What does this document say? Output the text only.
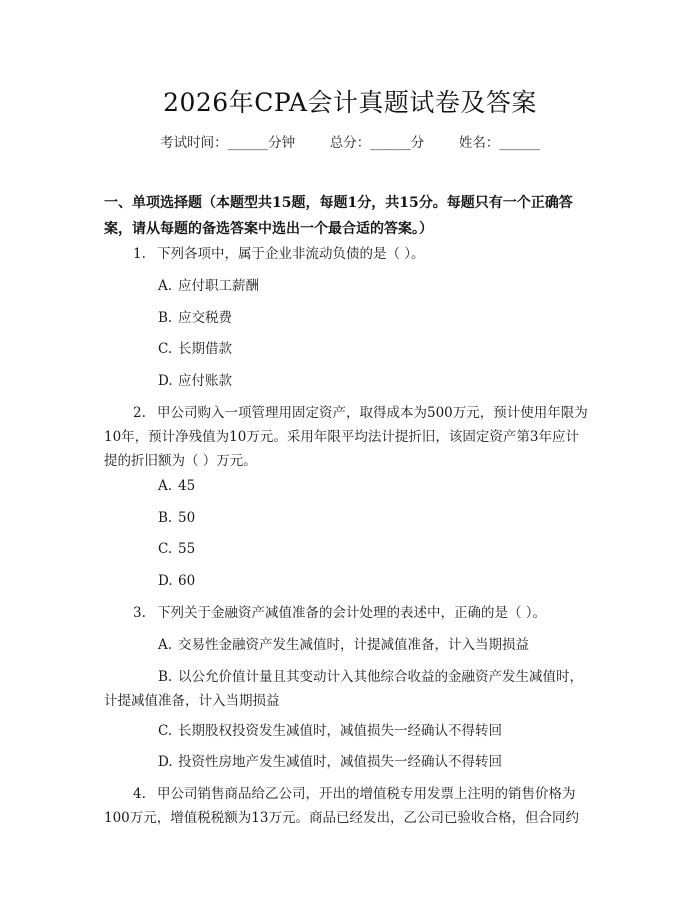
2026年CPA会计真题试卷及答案
考试时间：______分钟	总分：______分	姓名：______
一、单项选择题（本题型共15题，每题1分，共15分。每题只有一个正确答
案，请从每题的备选答案中选出一个最合适的答案。）
1. 下列各项中，属于企业非流动负债的是（ ）。
A. 应付职工薪酬
B. 应交税费
C. 长期借款
D. 应付账款
2. 甲公司购入一项管理用固定资产，取得成本为500万元，预计使用年限为
10年，预计净残值为10万元。采用年限平均法计提折旧，该固定资产第3年应计
提的折旧额为（ ）万元。
A. 45
B. 50
C. 55
D. 60
3. 下列关于金融资产减值准备的会计处理的表述中，正确的是（ ）。
A. 交易性金融资产发生减值时，计提减值准备，计入当期损益
B. 以公允价值计量且其变动计入其他综合收益的金融资产发生减值时，
计提减值准备，计入当期损益
C. 长期股权投资发生减值时，减值损失一经确认不得转回
D. 投资性房地产发生减值时，减值损失一经确认不得转回
4. 甲公司销售商品给乙公司，开出的增值税专用发票上注明的销售价格为
100万元，增值税税额为13万元。商品已经发出，乙公司已验收合格，但合同约
